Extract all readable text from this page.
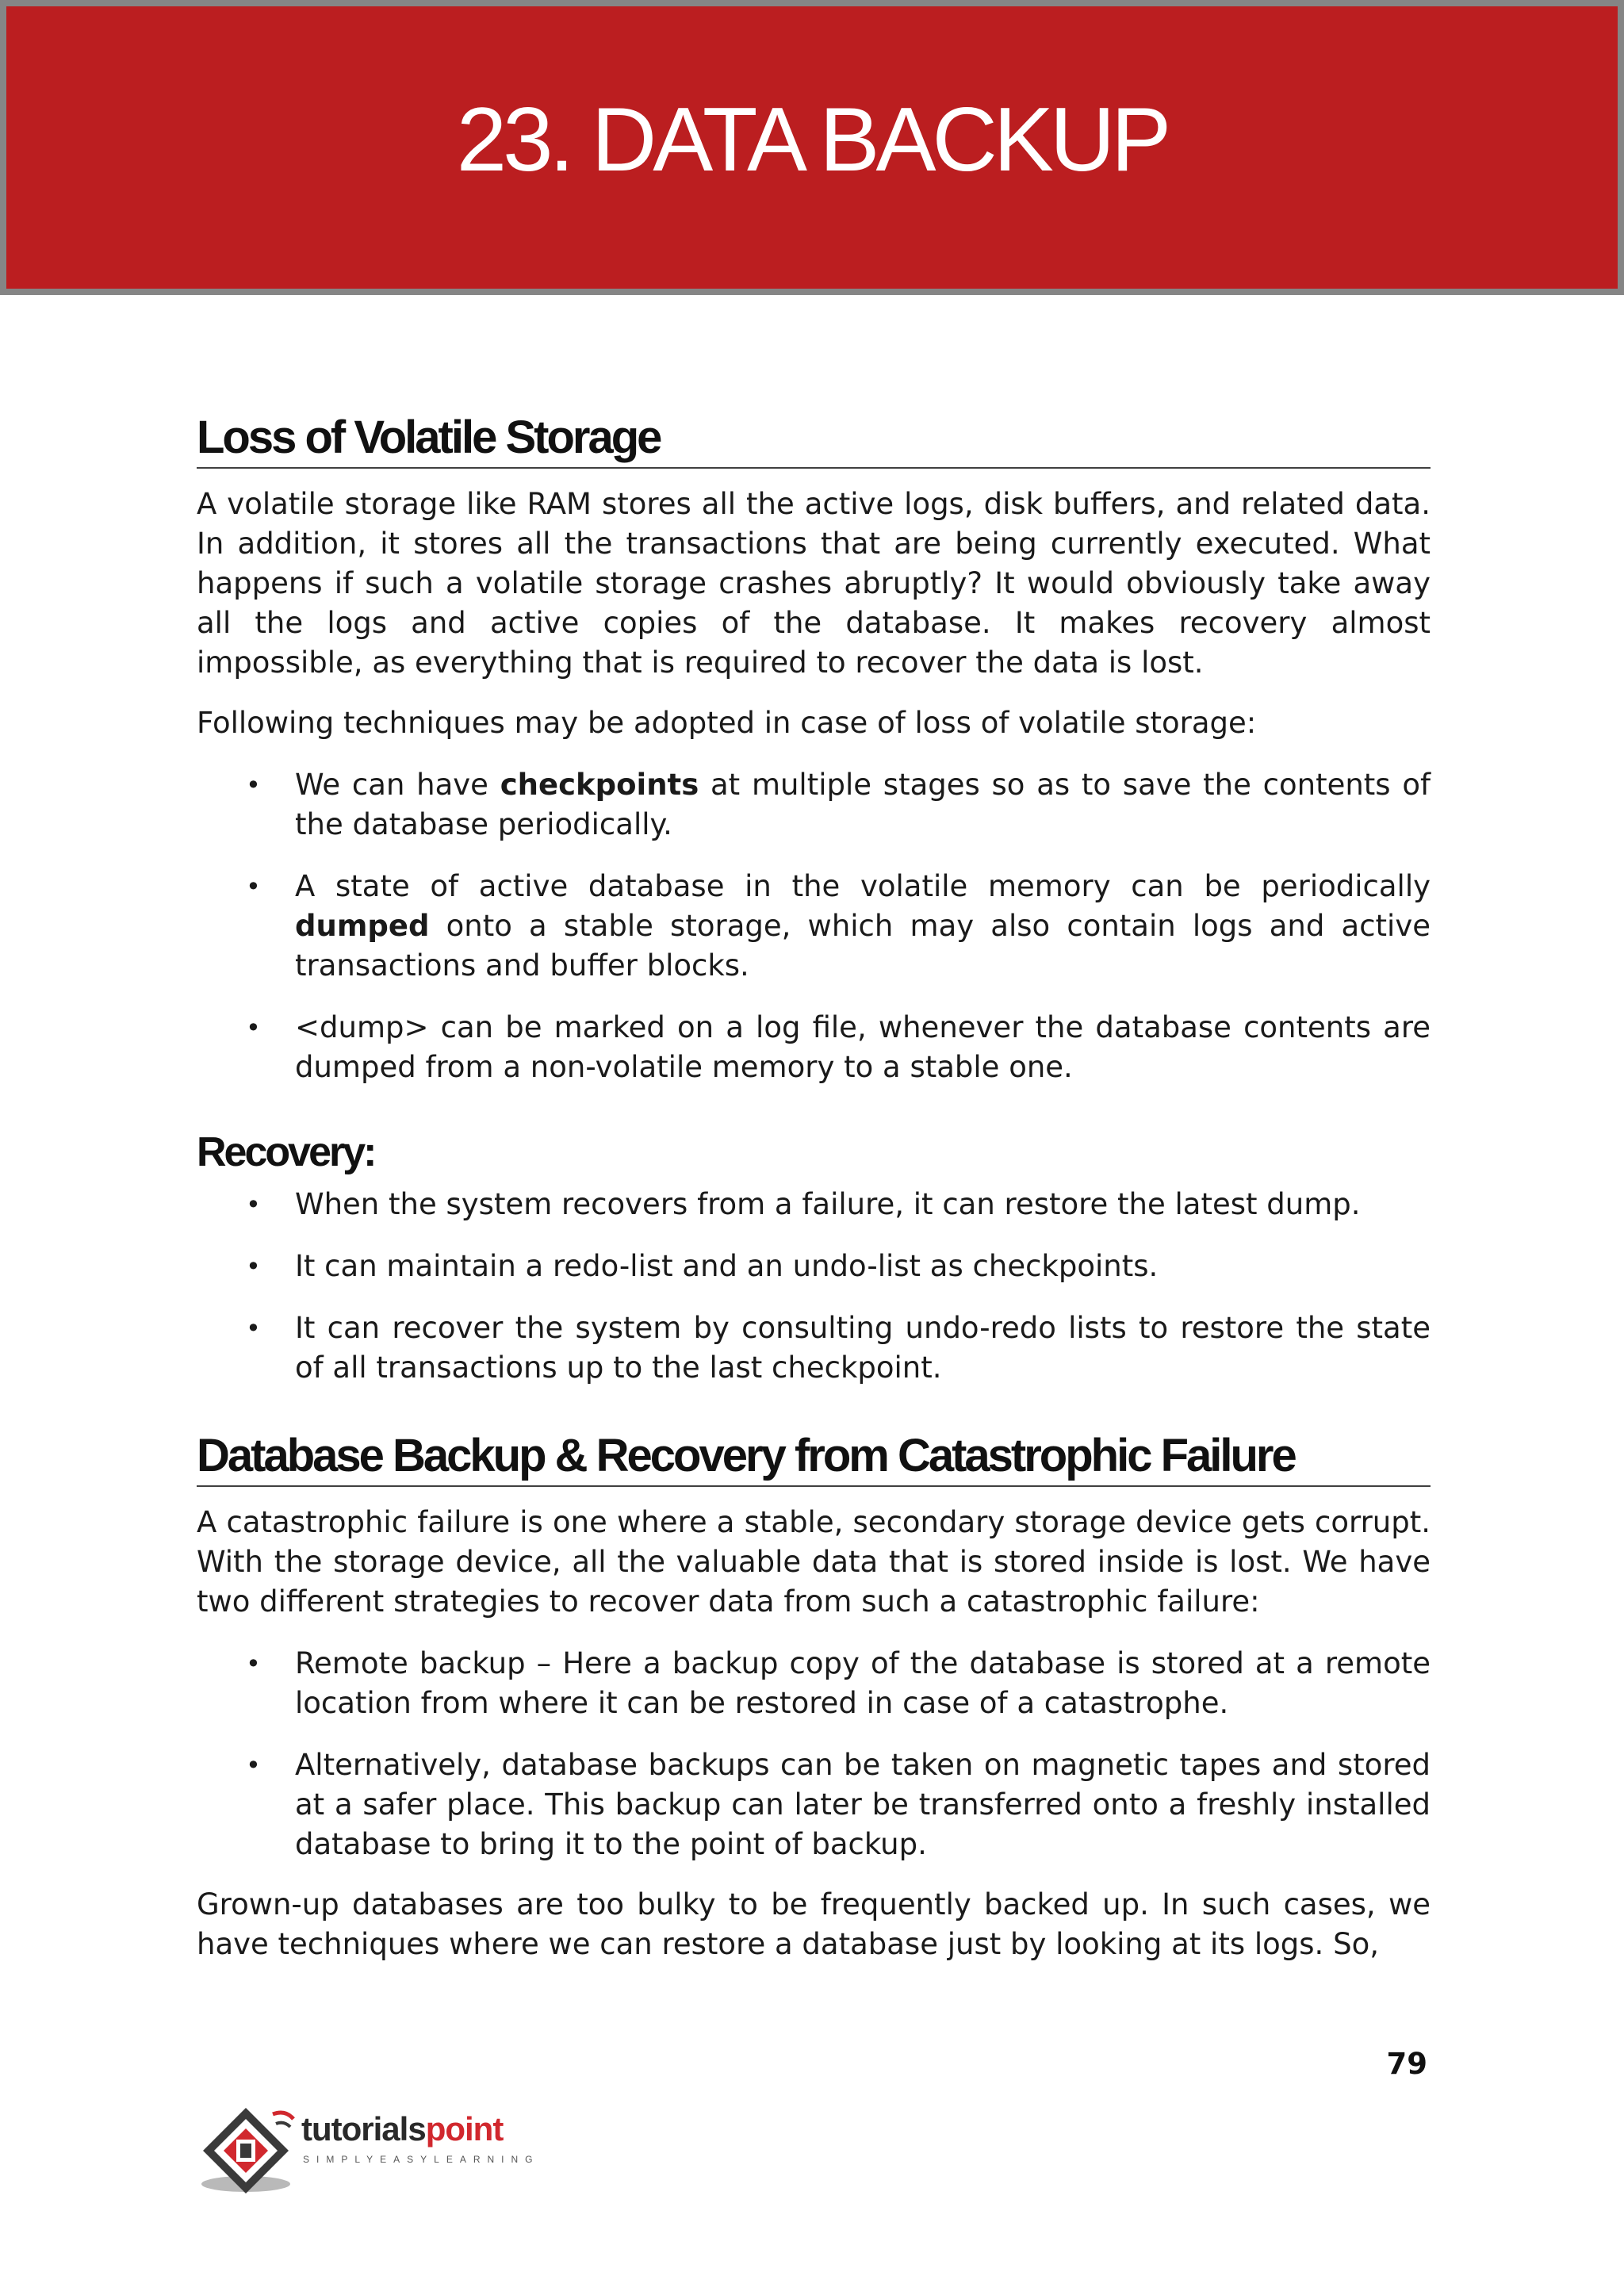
23. DATA BACKUP
Loss of Volatile Storage

A volatile storage like RAM stores all the active logs, disk buffers, and related data. In addition, it stores all the transactions that are being currently executed. What happens if such a volatile storage crashes abruptly? It would obviously take away all the logs and active copies of the database. It makes recovery almost impossible, as everything that is required to recover the data is lost.

Following techniques may be adopted in case of loss of volatile storage:

• We can have checkpoints at multiple stages so as to save the contents of the database periodically.
• A state of active database in the volatile memory can be periodically dumped onto a stable storage, which may also contain logs and active transactions and buffer blocks.
• <dump> can be marked on a log file, whenever the database contents are dumped from a non-volatile memory to a stable one.
Recovery:
• When the system recovers from a failure, it can restore the latest dump.
• It can maintain a redo-list and an undo-list as checkpoints.
• It can recover the system by consulting undo-redo lists to restore the state of all transactions up to the last checkpoint.
Database Backup & Recovery from Catastrophic Failure

A catastrophic failure is one where a stable, secondary storage device gets corrupt. With the storage device, all the valuable data that is stored inside is lost. We have two different strategies to recover data from such a catastrophic failure:

• Remote backup – Here a backup copy of the database is stored at a remote location from where it can be restored in case of a catastrophe.
• Alternatively, database backups can be taken on magnetic tapes and stored at a safer place. This backup can later be transferred onto a freshly installed database to bring it to the point of backup.

Grown-up databases are too bulky to be frequently backed up. In such cases, we have techniques where we can restore a database just by looking at its logs. So,

79
tutorialspoint
SIMPLYEASYLEARNING
